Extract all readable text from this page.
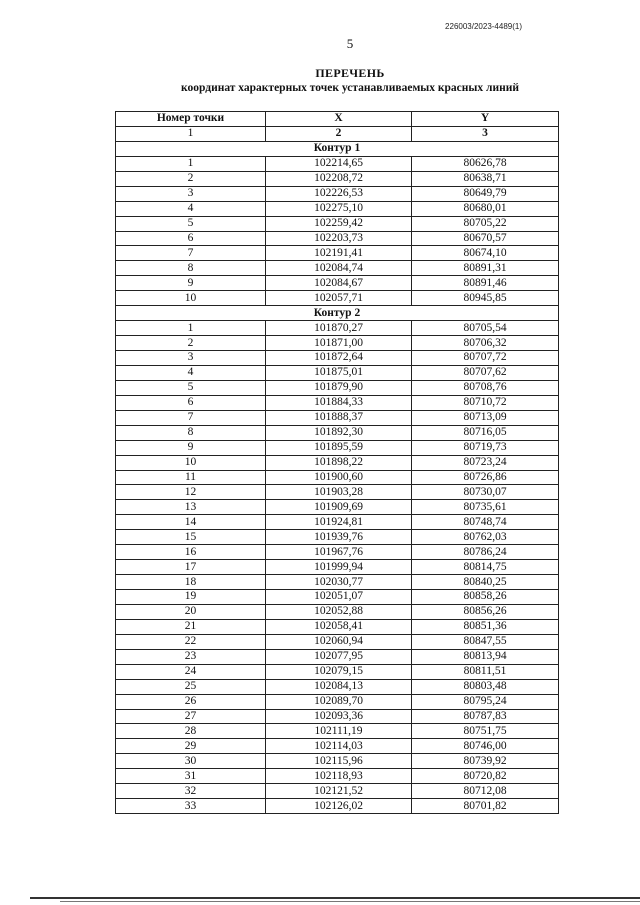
226003/2023-4489(1)
5
ПЕРЕЧЕНЬ
координат характерных точек устанавливаемых красных линий
Номер точки	X	Y
1	2	3
Контур 1		
1	102214,65	80626,78
2	102208,72	80638,71
3	102226,53	80649,79
4	102275,10	80680,01
5	102259,42	80705,22
6	102203,73	80670,57
7	102191,41	80674,10
8	102084,74	80891,31
9	102084,67	80891,46
10	102057,71	80945,85
Контур 2		
1	101870,27	80705,54
2	101871,00	80706,32
3	101872,64	80707,72
4	101875,01	80707,62
5	101879,90	80708,76
6	101884,33	80710,72
7	101888,37	80713,09
8	101892,30	80716,05
9	101895,59	80719,73
10	101898,22	80723,24
11	101900,60	80726,86
12	101903,28	80730,07
13	101909,69	80735,61
14	101924,81	80748,74
15	101939,76	80762,03
16	101967,76	80786,24
17	101999,94	80814,75
18	102030,77	80840,25
19	102051,07	80858,26
20	102052,88	80856,26
21	102058,41	80851,36
22	102060,94	80847,55
23	102077,95	80813,94
24	102079,15	80811,51
25	102084,13	80803,48
26	102089,70	80795,24
27	102093,36	80787,83
28	102111,19	80751,75
29	102114,03	80746,00
30	102115,96	80739,92
31	102118,93	80720,82
32	102121,52	80712,08
33	102126,02	80701,82
